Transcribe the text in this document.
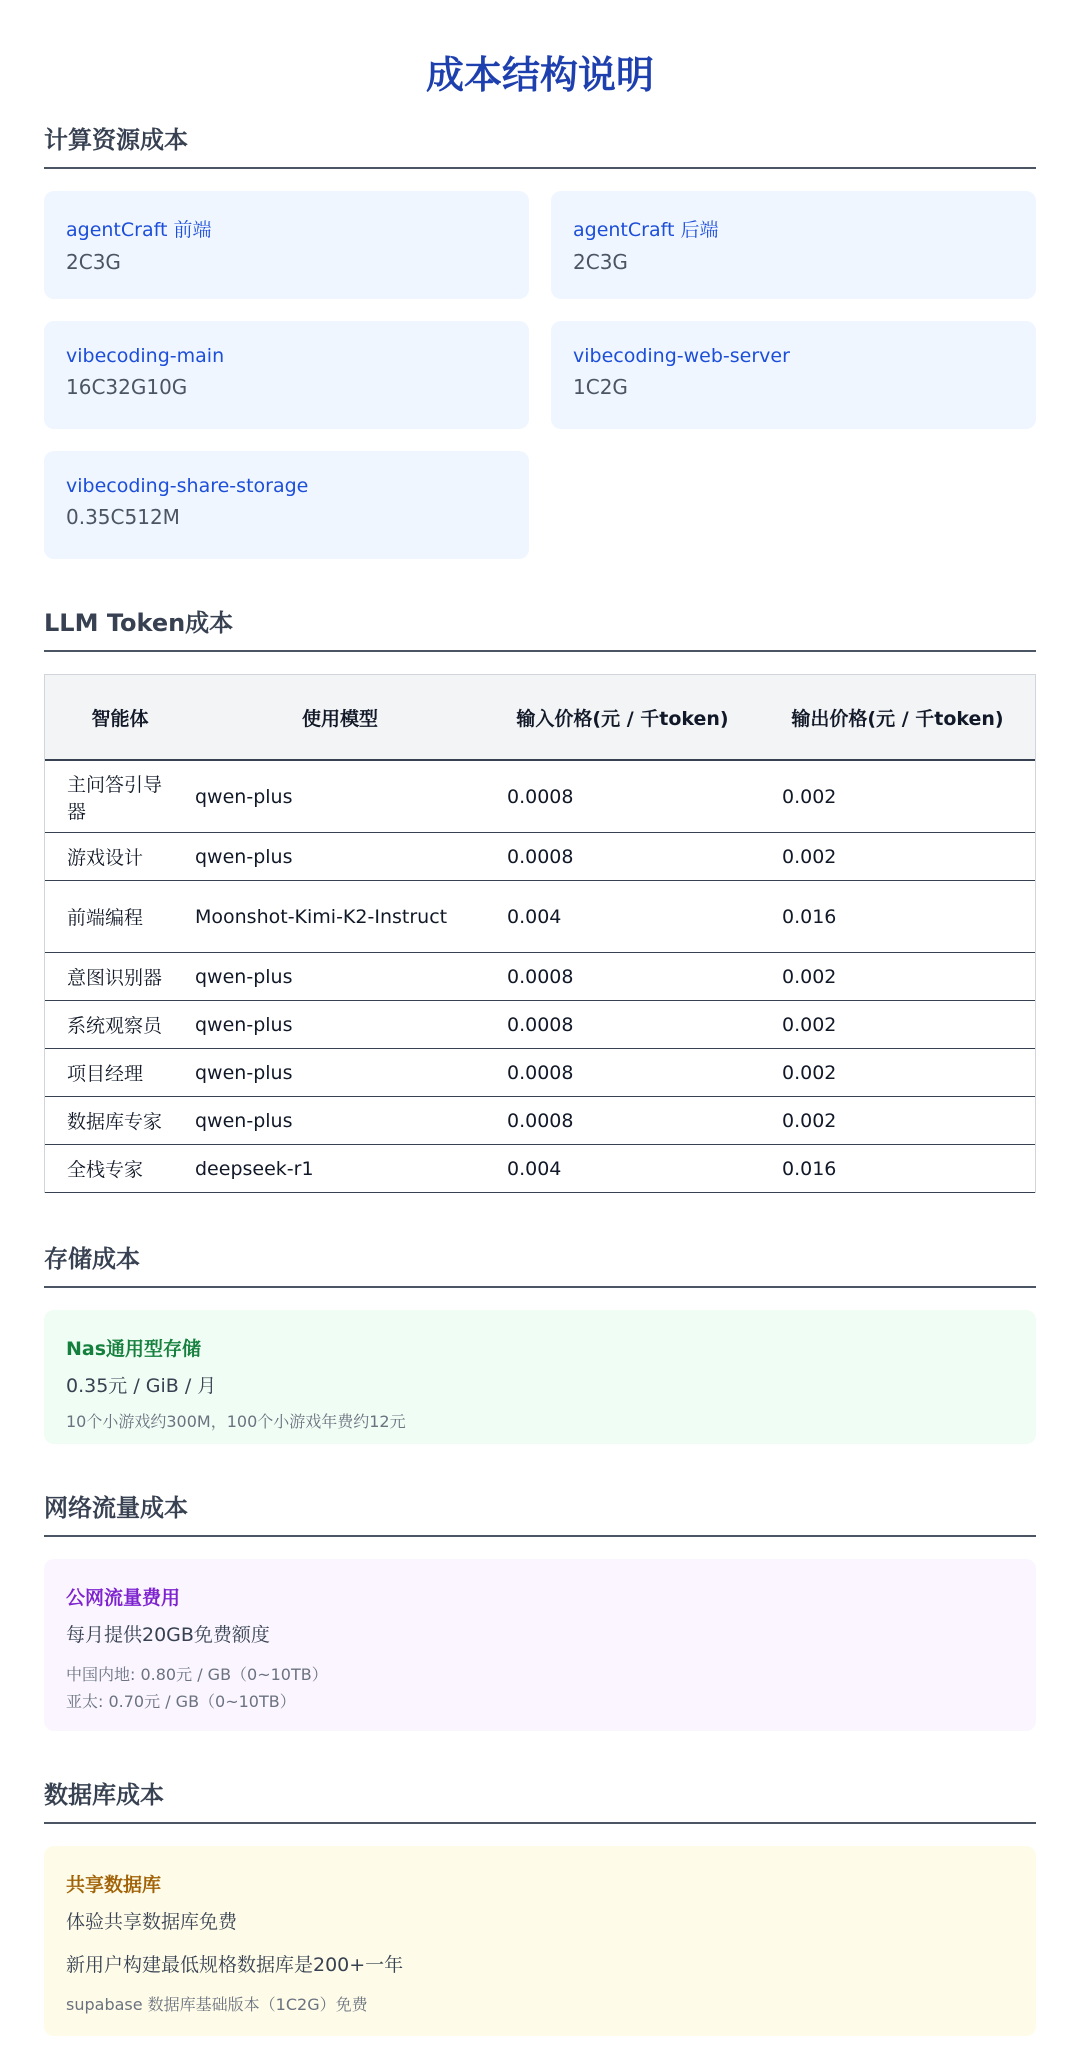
成本结构说明
计算资源成本
agentCraft 前端
2C3G
agentCraft 后端
2C3G
vibecoding-main
16C32G10G
vibecoding-web-server
1C2G
vibecoding-share-storage
0.35C512M
LLM Token成本
智能体	使用模型	输入价格(元 / 千token)	输出价格(元 / 千token)
主问答引导器	qwen-plus	0.0008	0.002
游戏设计	qwen-plus	0.0008	0.002
前端编程	Moonshot-Kimi-K2-Instruct	0.004	0.016
意图识别器	qwen-plus	0.0008	0.002
系统观察员	qwen-plus	0.0008	0.002
项目经理	qwen-plus	0.0008	0.002
数据库专家	qwen-plus	0.0008	0.002
全栈专家	deepseek-r1	0.004	0.016
存储成本
Nas通用型存储
0.35元 / GiB / 月
10个小游戏约300M，100个小游戏年费约12元
网络流量成本
公网流量费用
每月提供20GB免费额度
中国内地: 0.80元 / GB（0~10TB）
亚太: 0.70元 / GB（0~10TB）
数据库成本
共享数据库
体验共享数据库免费
新用户构建最低规格数据库是200+一年
supabase 数据库基础版本（1C2G）免费
